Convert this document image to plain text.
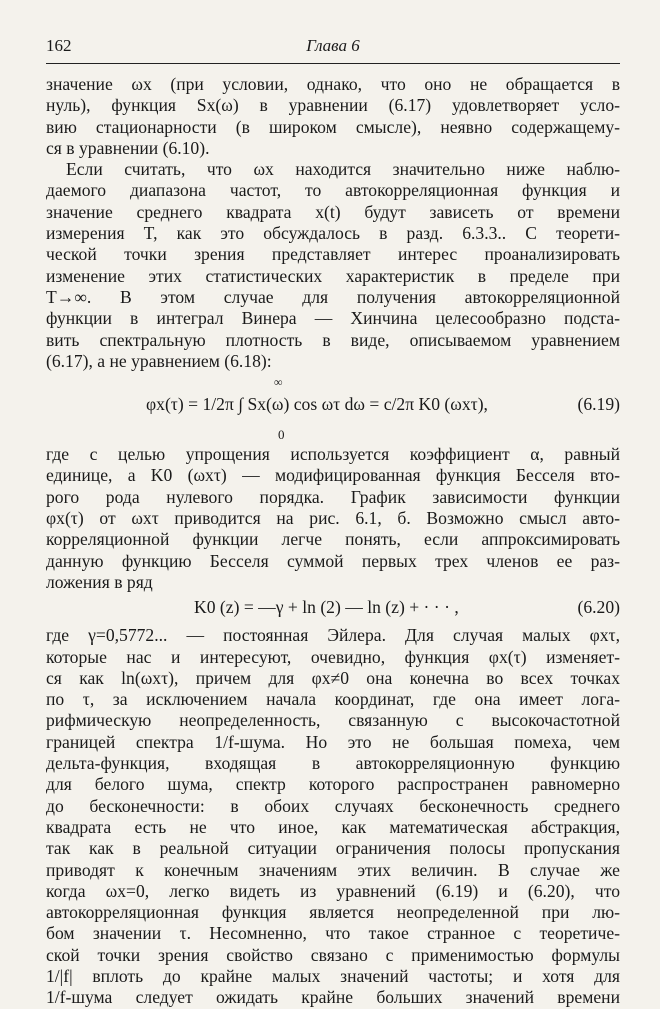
162	Глава 6
значение ωx (при условии, однако, что оно не обращается в
нуль), функция Sx(ω) в уравнении (6.17) удовлетворяет усло-
вию стационарности (в широком смысле), неявно содержащему-
ся в уравнении (6.10).
Если считать, что ωx находится значительно ниже наблю-
даемого диапазона частот, то автокорреляционная функция и
значение среднего квадрата x(t) будут зависеть от времени
измерения T, как это обсуждалось в разд. 6.3.3.. С теорети-
ческой точки зрения представляет интерес проанализировать
изменение этих статистических характеристик в пределе при
T→∞. В этом случае для получения автокорреляционной
функции в интеграл Винера — Хинчина целесообразно подста-
вить спектральную плотность в виде, описываемом уравнением
(6.17), а не уравнением (6.18):
∞
φx(τ) = 1/2π ∫ Sx(ω) cos ωτ dω = c/2π K0 (ωxτ),
0
(6.19)
где с целью упрощения используется коэффициент α, равный
единице, а K0 (ωxτ) — модифицированная функция Бесселя вто-
рого рода нулевого порядка. График зависимости функции
φx(τ) от ωxτ приводится на рис. 6.1, б. Возможно смысл авто-
корреляционной функции легче понять, если аппроксимировать
данную функцию Бесселя суммой первых трех членов ее раз-
ложения в ряд
K0 (z) = —γ + ln (2) — ln (z) + · · · ,	(6.20)
где γ=0,5772... — постоянная Эйлера. Для случая малых φxτ,
которые нас и интересуют, очевидно, функция φx(τ) изменяет-
ся как ln(ωxτ), причем для φx≠0 она конечна во всех точках
по τ, за исключением начала координат, где она имеет лога-
рифмическую неопределенность, связанную с высокочастотной
границей спектра 1/f-шума. Но это не большая помеха, чем
дельта-функция, входящая в автокорреляционную функцию
для белого шума, спектр которого распространен равномерно
до бесконечности: в обоих случаях бесконечность среднего
квадрата есть не что иное, как математическая абстракция,
так как в реальной ситуации ограничения полосы пропускания
приводят к конечным значениям этих величин. В случае же
когда ωx=0, легко видеть из уравнений (6.19) и (6.20), что
автокорреляционная функция является неопределенной при лю-
бом значении τ. Несомненно, что такое странное с теоретиче-
ской точки зрения свойство связано с применимостью формулы
1/|f| вплоть до крайне малых значений частоты; и хотя для
1/f-шума следует ожидать крайне больших значений времени
